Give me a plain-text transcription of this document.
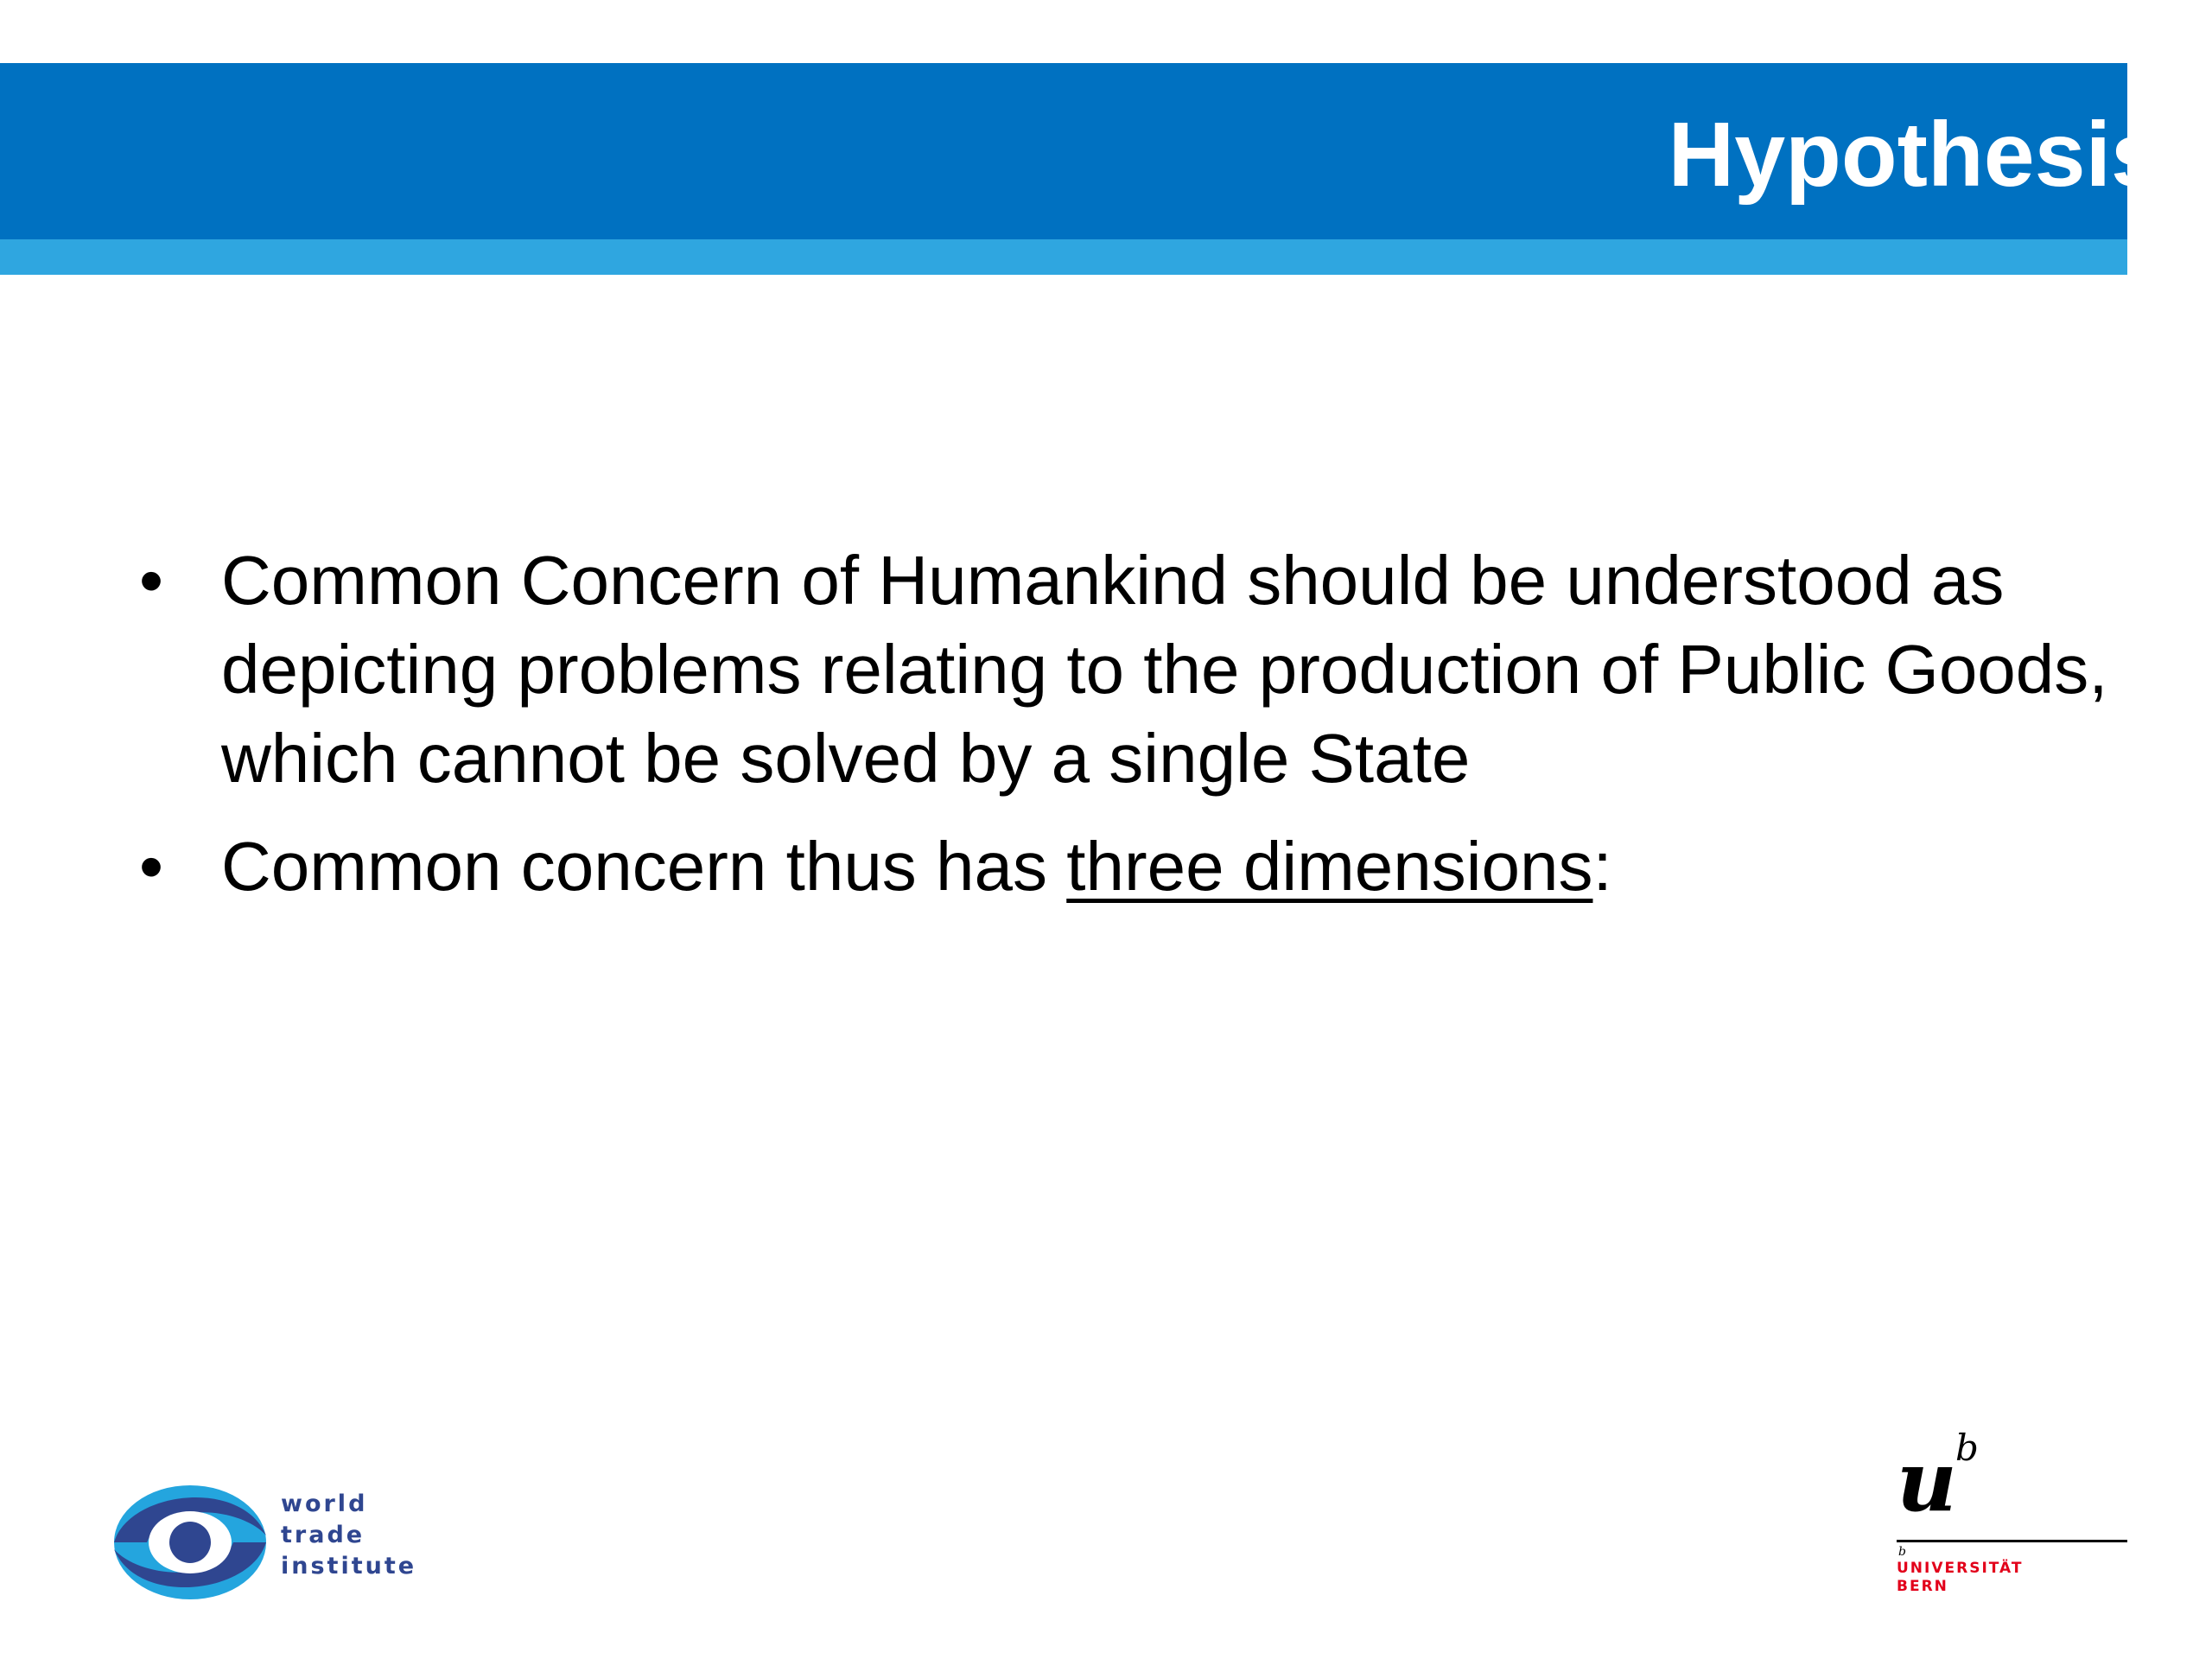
Hypothesis
• Common Concern of Humankind should be understood as depicting problems relating to the production of Public Goods, which cannot be solved by a single State
• Common concern thus has three dimensions:
world
trade
institute
u
b
b
UNIVERSITÄT
BERN
